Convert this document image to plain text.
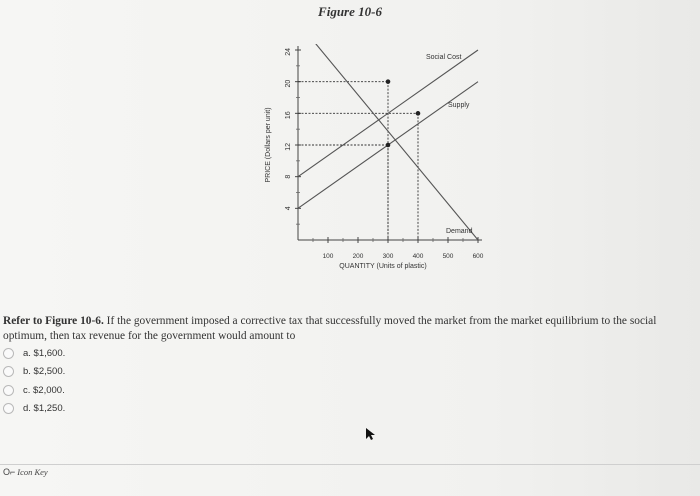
Figure 10-6
4
8
12
16
20
24
100	200	300	400	500	600
QUANTITY (Units of plastic)
PRICE (Dollars per unit)
Social Cost
Supply
Demand
Refer to Figure 10-6. If the government imposed a corrective tax that successfully moved the market from the market equilibrium to the social optimum, then tax revenue for the government would amount to
a. $1,600.
b. $2,500.
c. $2,000.
d. $1,250.
O⌐ Icon Key
